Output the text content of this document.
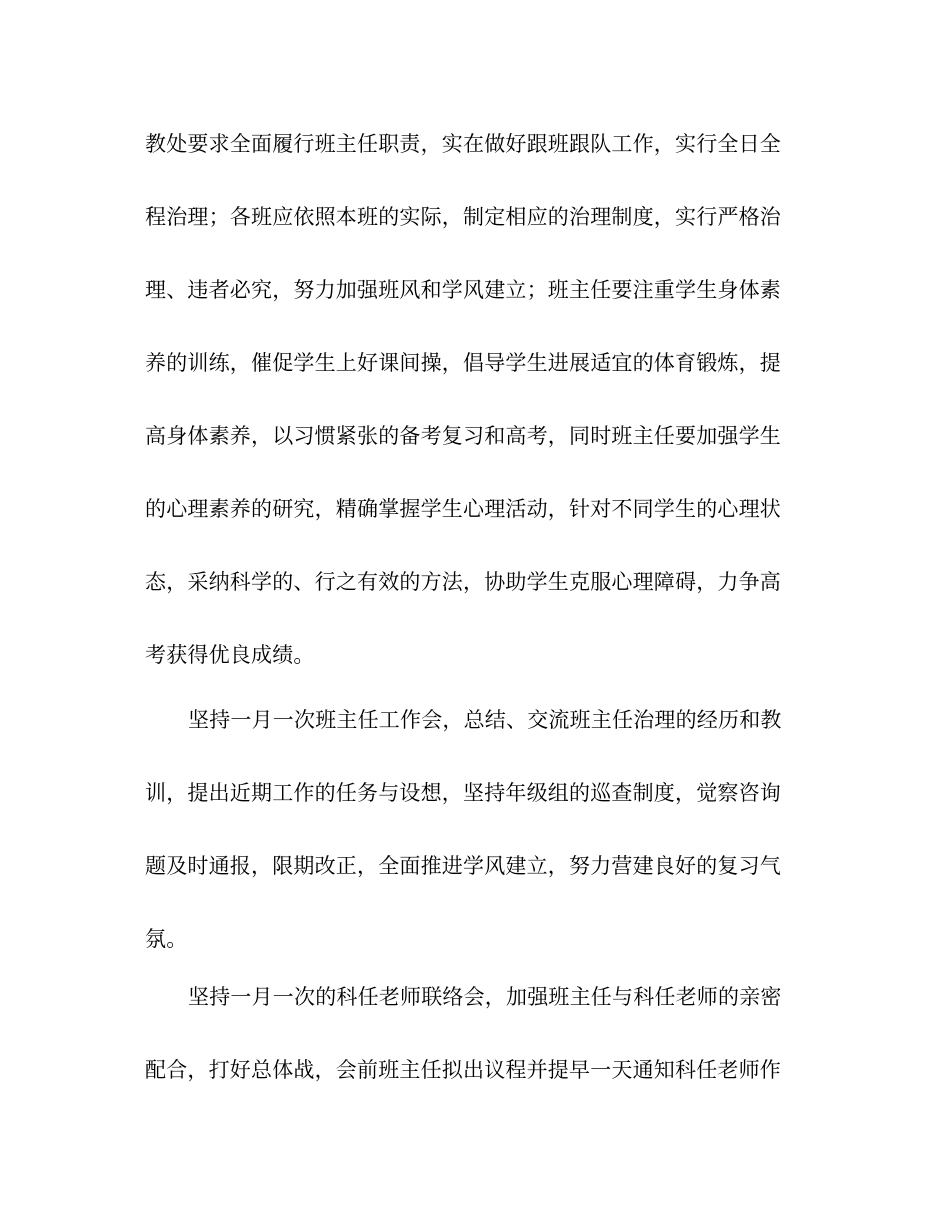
教处要求全面履行班主任职责，实在做好跟班跟队工作，实行全日全
程治理；各班应依照本班的实际，制定相应的治理制度，实行严格治
理、违者必究，努力加强班风和学风建立；班主任要注重学生身体素
养的训练，催促学生上好课间操，倡导学生进展适宜的体育锻炼，提
高身体素养，以习惯紧张的备考复习和高考，同时班主任要加强学生
的心理素养的研究，精确掌握学生心理活动，针对不同学生的心理状
态，采纳科学的、行之有效的方法，协助学生克服心理障碍，力争高
考获得优良成绩。
坚持一月一次班主任工作会，总结、交流班主任治理的经历和教
训，提出近期工作的任务与设想，坚持年级组的巡查制度，觉察咨询
题及时通报，限期改正，全面推进学风建立，努力营建良好的复习气
氛。
坚持一月一次的科任老师联络会，加强班主任与科任老师的亲密
配合，打好总体战，会前班主任拟出议程并提早一天通知科任老师作
